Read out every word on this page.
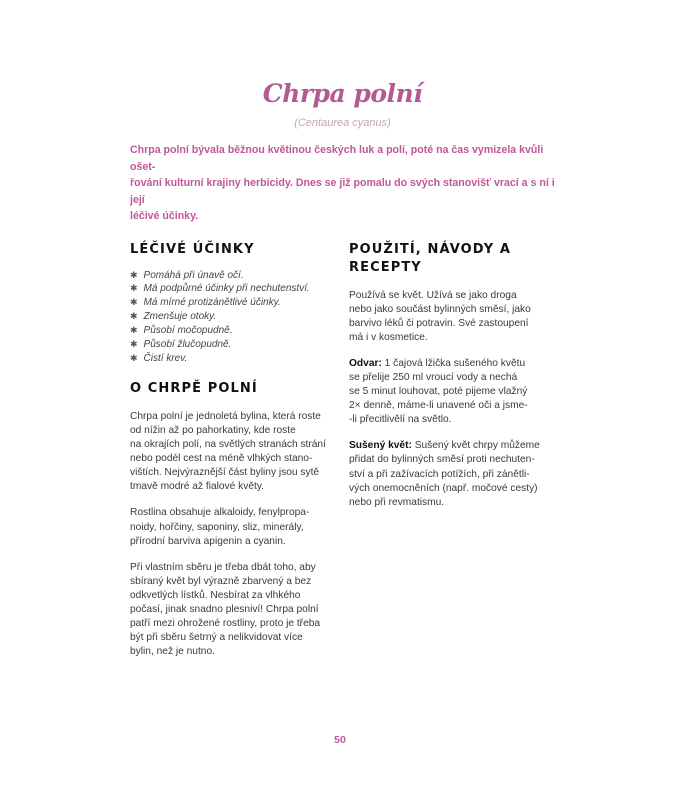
Chrpa polní
(Centaurea cyanus)
Chrpa polní bývala běžnou květinou českých luk a polí, poté na čas vymizela kvůli ošet-
řování kulturní krajiny herbicidy. Dnes se již pomalu do svých stanovišť vrací a s ní i její
léčivé účinky.
LÉČIVÉ ÚČINKY
✱ Pomáhá při únavě očí.
✱ Má podpůrné účinky při nechutenství.
✱ Má mírné protizánětlivé účinky.
✱ Zmenšuje otoky.
✱ Působí močopudně.
✱ Působí žlučopudně.
✱ Čistí krev.
O CHRPĚ POLNÍ
Chrpa polní je jednoletá bylina, která roste
od nížin až po pahorkatiny, kde roste
na okrajích polí, na světlých stranách strání
nebo podél cest na méně vlhkých stano-
vištích. Nejvýraznější část byliny jsou sytě
tmavě modré až fialové květy.
Rostlina obsahuje alkaloidy, fenylpropa-
noidy, hořčiny, saponiny, sliz, minerály,
přírodní barviva apigenin a cyanin.
Při vlastním sběru je třeba dbát toho, aby
sbíraný květ byl výrazně zbarvený a bez
odkvetlých lístků. Nesbírat za vlhkého
počasí, jinak snadno plesniví! Chrpa polní
patří mezi ohrožené rostliny, proto je třeba
být při sběru šetrný a nelikvidovat více
bylin, než je nutno.
POUŽITÍ, NÁVODY A RECEPTY
Používá se květ. Užívá se jako droga
nebo jako součást bylinných směsí, jako
barvivo léků či potravin. Své zastoupení
má i v kosmetice.
Odvar: 1 čajová lžička sušeného květu
se přelije 250 ml vroucí vody a nechá
se 5 minut louhovat, poté pijeme vlažný
2× denně, máme-li unavené oči a jsme-
-li přecitlivělí na světlo.
Sušený květ: Sušený květ chrpy můžeme
přidat do bylinných směsí proti nechuten-
ství a při zažívacích potížích, při zánětli-
vých onemocněních (např. močové cesty)
nebo při revmatismu.
50
